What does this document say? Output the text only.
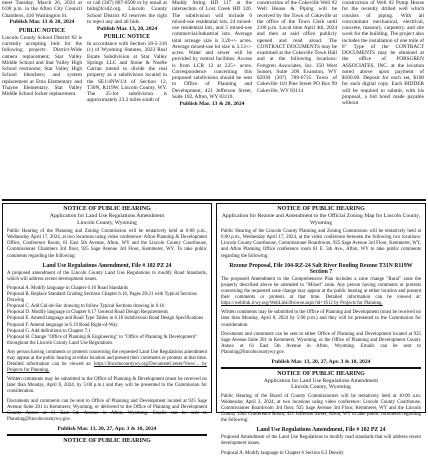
meet Tuesday, March 26, 2024 at 6:00 p.m. in the Afton City Council Chambers, 416 Washington St.

Publish Mar. 13 & 20, 2024
PUBLIC NOTICE

Lincoln County School District #2 is currently accepting bids for the following projects: District-Wide camera replacement; Star Valley Middle School and Star Valley High School restrooms; Star Valley High School bleachers; and system replacement at Etna Elementary and Thayne Elementary. Star Valley Middle School locker replacement.

or call (307) 887-8500 or by email at bids@lcsd2.org. Lincoln County School District #2 reserves the right to reject any and all bids.

Publish Mar. 13, 20, 2024
PUBLIC NOTICE

In accordance with Section 18-5-316 (c) of Wyoming Statutes, 2023 Real Estate Subdivision at Star Valley Springs LLC and Stone & Noelle Curran intend to divide the real property as a subdivision located in the SE1/4NW1/4 of Section 12, T30N, R119W, Lincoln County, WY. The 35-lot subdivision is approximately 23.3 miles south of

Muddy String HD 117 at the intersection of Lost Creek HD 120. The subdivision will include 6 mixed-use residential lots, 24 mixed-use residential lots, and 5 mixed-use commercial/industrial lots. Average total acreage size is 3.20+/- acres. Average mixed-use lot size is 3.13+/- acres. Water and sewer will be provided by central facilities. Access is from LCR 12 at 225+ acres. Correspondence concerning this proposed subdivision should be sent to Office of Planning and Development, 421 Jefferson Street, Suite 102, Afton, WY 83110.

Publish Mar. 13 & 20, 2024

construction of the Cokeville Well #2 Well House & Piping will be received by the Town of Cokeville at the office of the Town Clerk until 2:00 p.m. Local time April 4th, 2024 and then at said office publicly opened and read aloud. The CONTRACT DOCUMENTS may be examined at the Cokeville Town Hall and at the following locations: Forsgren Associates, Inc. 350 West Sunset, Suite 200 Evanston, WY 82930 (307) 789-6735 Town of Cokeville 110 Pine Street PO Box 99 Cokeville, WY 83114

construction of Well #2 Pump House for the recently drilled well which consists of piping. With all concomitant mechanical, electrical, concrete, masonry, carpentry, and site work for the building. The project also includes the installation of one mile of 8" Type of the CONTRACT DOCUMENTS may be obtained at the office of FORSGREN ASSOCIATES, INC. at the location noted above upon payment of $100.00. Deposit for each set, $100 for each digital copy. Each BIDDER will be required to submit, with his proposal, a bid bond made payable without

NOTICE OF PUBLIC HEARING
Application for Land Use Regulations Amendment
Lincoln County, Wyoming

Public Hearing of the Planning and Zoning Commission will be tentatively held at 6:00 p.m., Wednesday April 17, 2024, at two locations using video conference: Afton Planning & Development Office, Conference Room, 61 East 5th Avenue, Afton, WY and the Lincoln County Courthouse, Commissioner Chambers 3rd floor, 925 Sage Avenue 3rd Floor, Kemmerer, WY. To take public comments regarding the following:

Land Use Regulations Amendment, File # 102 PZ 24

A proposed amendment of the Lincoln County Land Use Regulations to modify Road Standards, which will address recent development issues.

Proposal A. Modify language in Chapter 6.16 Road Standards
Proposal B. Replace Standard Grading Sections Chapter 6.16, Pages 20-21 with Typical Sections Drawing
Proposal C. Add Cul-de-Sac drawing to follow Typical Sections drawing in 6.16
Proposal D. Modify language in Chapter 6.17 General Road Design Requirements
Proposal E. Amend language and Road Type Tables in 6.18 Subdivision Road Design Specifications
Proposal F. Amend language in 6.19 Road Right-of-Way
Proposal G. Add definitions to Chapter 7.1
Proposal H. Change "Office of Planning & Engineering" to "Office of Planning & Development" throughout the Lincoln County Land Use Regulations

Any person having comments or protests concerning the requested Land Use Regulations amendment may appear at the public hearing at either location and present their comments or protests at that time. Detailed information can be viewed at: https://lincolncountywy.org/DocumentCenter/View/... by Projects for Planning.

Written comments may be submitted to the Office of Planning & Development (must be received no later than Monday, April 8, 2024, by 5:00 p.m.) and they will be presented to the Commission for consideration.

Documents and comments can be sent to Office of Planning and Development located at 925 Sage Avenue Suite 201 in Kemmerer, Wyoming, or delivered to the Office of Planning and Development County Annex at 61 East 5th Avenue in Afton, Wyoming. Emails can be sent to Planning@lincolncountywy.gov.

Publish Mar. 13, 20, 27, Apr. 3 & 10, 2024
NOTICE OF PUBLIC HEARING
NOTICE OF PUBLIC HEARING
Application for Rezone and Amendment to the Official Zoning Map for Lincoln County, Wyoming

Public Hearing of the Lincoln County Planning and Zoning Commission will be tentatively held at 6:00 p.m., Wednesday April 17, 2024, at the video conference between the following two locations: Lincoln County Courthouse, Commissioner Boardroom, 925 Sage Avenue 3rd Floor, Kemmerer, WY, and Afton Planning Office conference room 61 E. 5th Ave., Afton, WY to take public comments regarding the following:

Rezone Proposal, File 104-RZ-24 Salt River Roofing Rezone T31N R119W Section 7

The proposed Amendment to the Comprehensive Plan includes a zone change "Rural" zone the property described above be amended to "Mixed" zone. Any person having comments or protests concerning the requested zone change may appear at the public hearing at either location and present their comments or protests at that time. Detailed information can be viewed at: https://weblink.lcwy.org/WebLink/Browse.aspx?id=1612 by Projects for Planning.

Written comments may be submitted to the Office of Planning and Development (must be received no later than Monday, April 8, 2024 by 5:00 p.m.) and they will be presented to the Commission for consideration.

Documents and comments can be sent to either Office of Planning and Development located at 925 Sage Avenue Suite 201 in Kemmerer, Wyoming, or the Office of Planning and Development County Annex at 61 East 5th Avenue in Afton, Wyoming. Emails can be sent to Planning@lincolncountywy.gov.

Publish Mar. 13, 20, 27, Apr. 3 & 10, 2024
NOTICE OF PUBLIC HEARING
Application for Land Use Regulations Amendment
Lincoln County, Wyoming

Public Hearing of the Board of County Commissioners will be tentatively held at 10:00 a.m. Wednesday April 3, 2024, at two locations using video conference: Lincoln County Courthouse, Commissioner Boardroom 3rd floor, 925 Sage Avenue 3rd Floor, Kemmerer, WY and the Lincoln County 1982 Conference Room, 421 Jefferson Street, Afton, WY to take public comments regarding the following:

Land Use Regulations Amendment, File # 102 PZ 24

Proposed Amendment of the Land Use Regulations to modify road standards that will address recent development issues.

Proposal A. Modify language in Chapter 6 Section 6.3 Density
